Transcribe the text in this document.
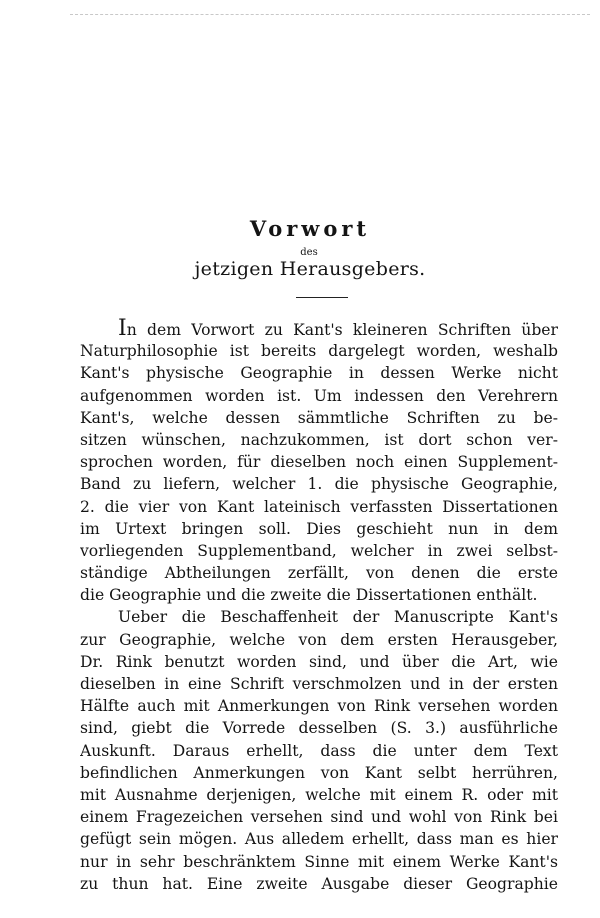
Vorwort
des
jetzigen Herausgebers.
In dem Vorwort zu Kant's kleineren Schriften über
Naturphilosophie ist bereits dargelegt worden, weshalb
Kant's physische Geographie in dessen Werke nicht
aufgenommen worden ist. Um indessen den Verehrern
Kant's, welche dessen sämmtliche Schriften zu be-
sitzen wünschen, nachzukommen, ist dort schon ver-
sprochen worden, für dieselben noch einen Supplement-
Band zu liefern, welcher 1. die physische Geographie,
2. die vier von Kant lateinisch verfassten Dissertationen
im Urtext bringen soll. Dies geschieht nun in dem
vorliegenden Supplementband, welcher in zwei selbst-
ständige Abtheilungen zerfällt, von denen die erste
die Geographie und die zweite die Dissertationen enthält.
Ueber die Beschaffenheit der Manuscripte Kant's
zur Geographie, welche von dem ersten Herausgeber,
Dr. Rink benutzt worden sind, und über die Art, wie
dieselben in eine Schrift verschmolzen und in der ersten
Hälfte auch mit Anmerkungen von Rink versehen worden
sind, giebt die Vorrede desselben (S. 3.) ausführliche
Auskunft. Daraus erhellt, dass die unter dem Text
befindlichen Anmerkungen von Kant selbt herrühren,
mit Ausnahme derjenigen, welche mit einem R. oder mit
einem Fragezeichen versehen sind und wohl von Rink bei
gefügt sein mögen. Aus alledem erhellt, dass man es hier
nur in sehr beschränktem Sinne mit einem Werke Kant's
zu thun hat. Eine zweite Ausgabe dieser Geographie
